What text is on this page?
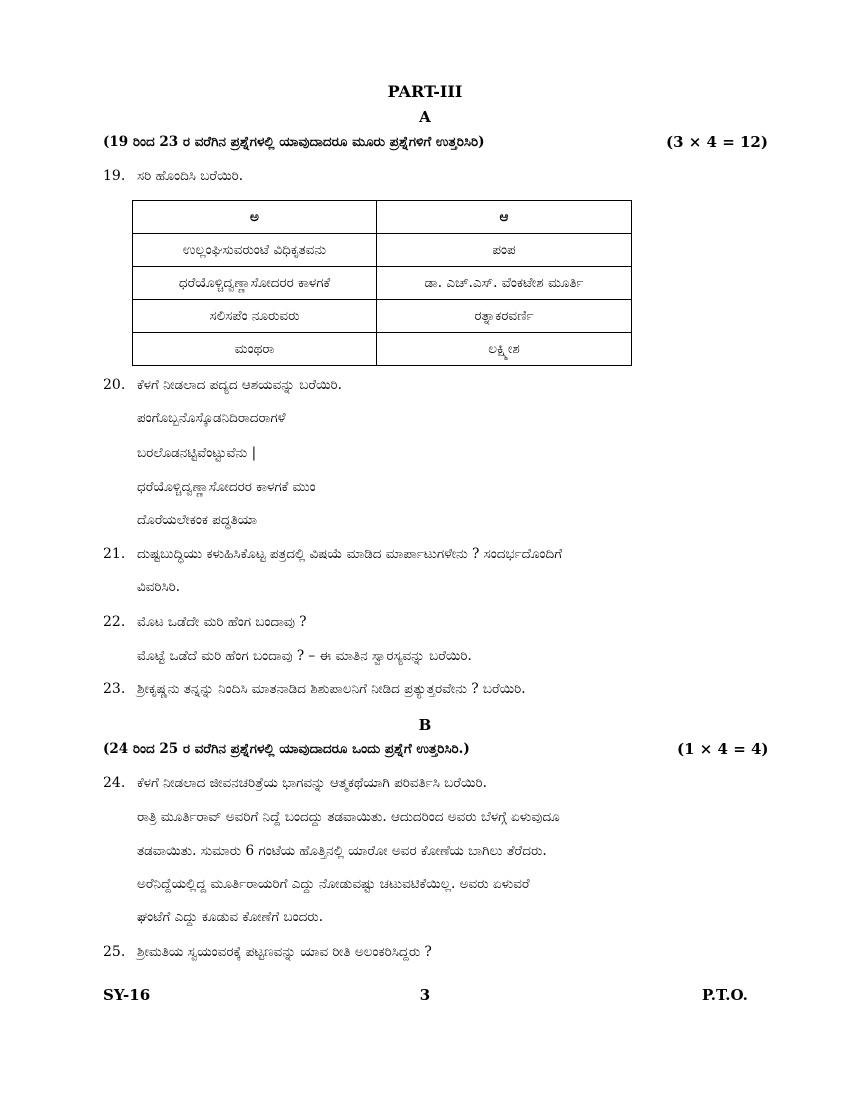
PART-III
A
(19 ರಿಂದ 23 ರ ವರೆಗಿನ ಪ್ರಶ್ನೆಗಳಲ್ಲಿ ಯಾವುದಾದರೂ ಮೂರು ಪ್ರಶ್ನೆಗಳಿಗೆ ಉತ್ತರಿಸಿರಿ)	(3 × 4 = 12)
19. ಸರಿ ಹೊಂದಿಸಿ ಬರೆಯಿರಿ.
ಅ	ಆ
ಉಲ್ಲಂಘಿಸುವರುಂಟೆ ವಿಧಿಕೃತವನು	ಪಂಪ
ಧರೆಯೊಳ್ಚಿದ್ವಣ್ಣಾಸೋದರರ ಕಾಳಗಕೆ	ಡಾ. ಎಚ್.ಎಸ್. ವೆಂಕಟೇಶ ಮೂರ್ತಿ
ಸಲಿಸಪೆಂ ನೂರುವರು	ರತ್ನಾಕರವರ್ಣಿ
ಮಂಥರಾ	ಲಕ್ಷ್ಮೀಶ
20. ಕೆಳಗೆ ನೀಡಲಾದ ಪದ್ಯದ ಆಶಯವನ್ನು ಬರೆಯಿರಿ.
ಪಂಗೊಬ್ಬನೊಸ್ಕೊಡನಿದಿರಾದರಾಗಳೆ
ಬರಲೊಡನಟ್ಟಿವೆಂಟ್ಟುವೆನು |
ಧರೆಯೊಳ್ಚಿದ್ವಣ್ಣಾಸೋದರರ ಕಾಳಗಕೆ ಮುಂ
ದೊರೆಯಲೇಕಂಕ ಪದ್ಧತಿಯಾ
21. ದುಷ್ಟಬುದ್ಧಿಯು ಕಳುಹಿಸಿಕೊಟ್ಟ ಪತ್ರದಲ್ಲಿ ವಿಷಯೆ ಮಾಡಿದ ಮಾರ್ಪಾಟುಗಳೇನು ? ಸಂದರ್ಭದೊಂದಿಗೆ
ವಿವರಿಸಿರಿ.
22. ಮೊಟ ಒಡೆದೇ ಮರಿ ಹೆಂಗ ಬಂದಾವು ?
ಮೊಟ್ಟೆ ಒಡೆದೆ ಮರಿ ಹೆಂಗ ಬಂದಾವು ? – ಈ ಮಾತಿನ ಸ್ವಾರಸ್ಯವನ್ನು ಬರೆಯಿರಿ.
23. ಶ್ರೀಕೃಷ್ಣನು ತನ್ನನ್ನು ನಿಂದಿಸಿ ಮಾತನಾಡಿದ ಶಿಶುಪಾಲನಿಗೆ ನೀಡಿದ ಪ್ರತ್ಯುತ್ತರವೇನು ? ಬರೆಯಿರಿ.
B
(24 ರಿಂದ 25 ರ ವರೆಗಿನ ಪ್ರಶ್ನೆಗಳಲ್ಲಿ ಯಾವುದಾದರೂ ಒಂದು ಪ್ರಶ್ನೆಗೆ ಉತ್ತರಿಸಿರಿ.)	(1 × 4 = 4)
24. ಕೆಳಗೆ ನೀಡಲಾದ ಜೀವನಚರಿತ್ರೆಯ ಭಾಗವನ್ನು ಆತ್ಮಕಥೆಯಾಗಿ ಪರಿವರ್ತಿಸಿ ಬರೆಯಿರಿ.
ರಾತ್ರಿ ಮೂರ್ತಿರಾವ್ ಅವರಿಗೆ ನಿದ್ದೆ ಬಂದದ್ದು ತಡವಾಯಿತು. ಆದುದರಿಂದ ಅವರು ಬೆಳಗ್ಗೆ ಏಳುವುದೂ
ತಡವಾಯಿತು. ಸುಮಾರು 6 ಗಂಟೆಯ ಹೊತ್ತಿನಲ್ಲಿ ಯಾರೋ ಅವರ ಕೋಣೆಯ ಬಾಗಿಲು ತೆರೆದರು.
ಅರೆನಿದ್ದೆಯಲ್ಲಿದ್ದ ಮೂರ್ತಿರಾಯರಿಗೆ ಎದ್ದು ನೋಡುವಷ್ಟು ಚಟುವಟಿಕೆಯಿಲ್ಲ. ಅವರು ಏಳುವರೆ
ಘಂಟೆಗೆ ಎದ್ದು ಕೂಡುವ ಕೋಣೆಗೆ ಬಂದರು.
25. ಶ್ರೀಮತಿಯ ಸ್ವಯಂವರಕ್ಕೆ ಪಟ್ಟಣವನ್ನು ಯಾವ ರೀತಿ ಅಲಂಕರಿಸಿದ್ದರು ?
SY-16	3	P.T.O.
